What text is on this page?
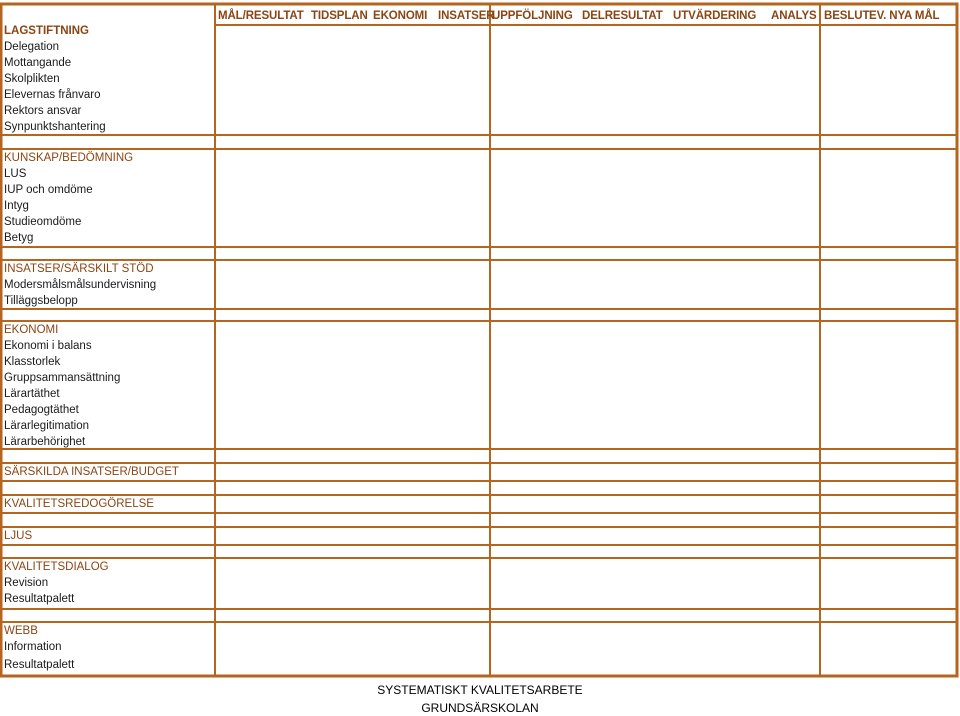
MÅL/RESULTAT TIDSPLAN EKONOMI INSATSER
UPPFÖLJNING DELRESULTAT UTVÄRDERING ANALYS BESLUT EV. NYA MÅL
LAGSTIFTNING
Delegation
Mottangande
Skolplikten
Elevernas frånvaro
Rektors ansvar
Synpunktshantering
KUNSKAP/BEDÖMNING
LUS
IUP och omdöme
Intyg
Studieomdöme
Betyg
INSATSER/SÄRSKILT STÖD
Modersmålsmålsundervisning
Tilläggsbelopp
EKONOMI
Ekonomi i balans
Klasstorlek
Gruppsammansättning
Lärartäthet
Pedagogtäthet
Lärarlegitimation
Lärarbehörighet
SÄRSKILDA INSATSER/BUDGET
KVALITETSREDOGÖRELSE
LJUS
KVALITETSDIALOG
Revision
Resultatpalett
WEBB
Information
Resultatpalett
SYSTEMATISKT KVALITETSARBETE
GRUNDSÄRSKOLAN
